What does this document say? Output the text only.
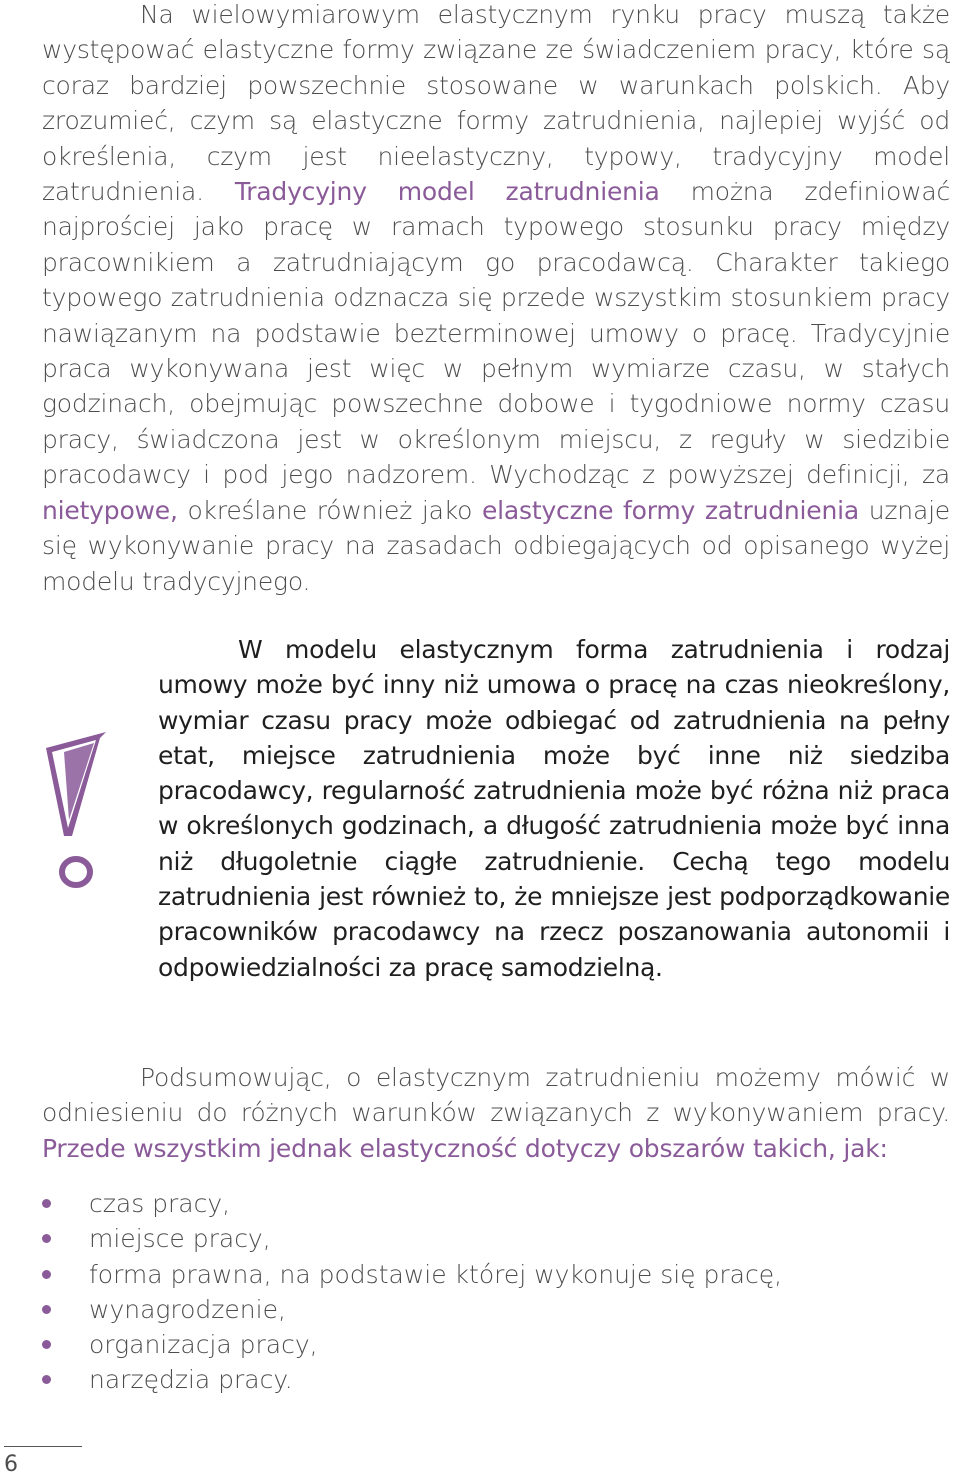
Na wielowymiarowym elastycznym rynku pracy muszą także występować elastyczne formy związane ze świadczeniem pracy, które są coraz bardziej powszechnie stosowane w warunkach polskich. Aby zrozumieć, czym są elastyczne formy zatrudnienia, najlepiej wyjść od określenia, czym jest nieelastyczny, typowy, tradycyjny model zatrudnienia. Tradycyjny model zatrudnienia można zdefiniować najprościej jako pracę w ramach typowego stosunku pracy między pracownikiem a zatrudniającym go pracodawcą. Charakter takiego typowego zatrudnienia odznacza się przede wszystkim stosunkiem pracy nawiązanym na podstawie bezterminowej umowy o pracę. Tradycyjnie praca wykonywana jest więc w pełnym wymiarze czasu, w stałych godzinach, obejmując powszechne dobowe i tygodniowe normy czasu pracy, świadczona jest w określonym miejscu, z reguły w siedzibie pracodawcy i pod jego nadzorem. Wychodząc z powyższej definicji, za nietypowe, określane również jako elastyczne formy zatrudnienia uznaje się wykonywanie pracy na zasadach odbiegających od opisanego wyżej modelu tradycyjnego.

W modelu elastycznym forma zatrudnienia i rodzaj umowy może być inny niż umowa o pracę na czas nieokreślony, wymiar czasu pracy może odbiegać od zatrudnienia na pełny etat, miejsce zatrudnienia może być inne niż siedziba pracodawcy, regularność zatrudnienia może być różna niż praca w określonych godzinach, a długość zatrudnienia może być inna niż długoletnie ciągłe zatrudnienie. Cechą tego modelu zatrudnienia jest również to, że mniejsze jest podporządkowanie pracowników pracodawcy na rzecz poszanowania autonomii i odpowiedzialności za pracę samodzielną.

Podsumowując, o elastycznym zatrudnieniu możemy mówić w odniesieniu do różnych warunków związanych z wykonywaniem pracy. Przede wszystkim jednak elastyczność dotyczy obszarów takich, jak:

czas pracy,
miejsce pracy,
forma prawna, na podstawie której wykonuje się pracę,
wynagrodzenie,
organizacja pracy,
narzędzia pracy.
6
